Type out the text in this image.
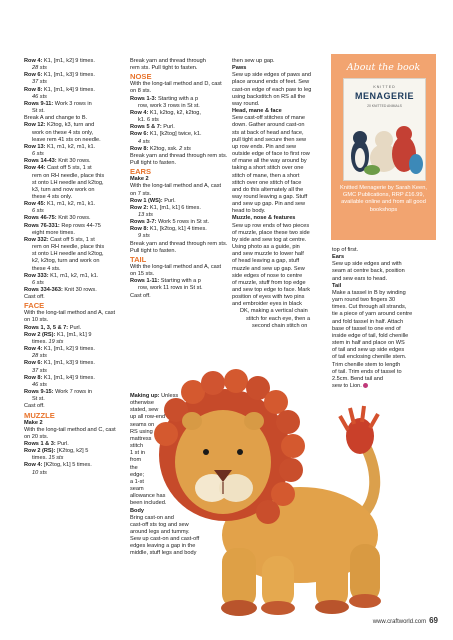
Row 4: K1, [m1, k2] 9 times.

28 sts

Row 6: K1, [m1, k3] 9 times.

37 sts

Row 8: K1, [m1, k4] 9 times.

46 sts

Rows 9-11: Work 3 rows in

St st.

Break A and change to B.

Row 12: K2tog, k3, turn and

work on these 4 sts only,

leave rem 41 sts on needle.

Row 13: K1, m1, k2, m1, k1.

6 sts

Rows 14-43: Knit 30 rows.

Row 44: Cast off 5 sts, 1 st

rem on RH needle, place this

st onto LH needle and k2tog,

k3, turn and now work on

these 4 sts only.

Row 45: K1, m1, k2, m1, k1.

6 sts

Rows 46-75: Knit 30 rows.

Rows 76-331: Rep rows 44-75

eight more times.

Row 332: Cast off 5 sts, 1 st

rem on RH needle, place this

st onto LH needle and k2tog,

k2, k2tog, turn and work on

these 4 sts.

Row 333: K1, m1, k2, m1, k1.

6 sts

Rows 334-363: Knit 30 rows.

Cast off.

FACE

With the long-tail method and A, cast on 10 sts.

Rows 1, 3, 5 & 7: Purl.

Row 2 (RS): K1, [m1, k1] 9

times. 19 sts

Row 4: K1, [m1, k2] 9 times.

28 sts

Row 6: K1, [m1, k3] 9 times.

37 sts

Row 8: K1, [m1, k4] 9 times.

46 sts

Rows 9-15: Work 7 rows in

St st.

Cast off.

MUZZLE

Make 2

With the long-tail method and C, cast on 20 sts.

Rows 1 & 3: Purl.

Row 2 (RS): [K2tog, k2] 5

times. 15 sts

Row 4: [K2tog, k1] 5 times.

10 sts

Break yarn and thread through

rem sts. Pull tight to fasten.

NOSE

With the long-tail method and D, cast on 8 sts.

Rows 1-3: Starting with a p

row, work 3 rows in St st.

Row 4: K1, k2tog, k2, k2tog,

k1. 6 sts

Rows 5 & 7: Purl.

Row 6: K1, [k2tog] twice, k1.

4 sts

Row 8: K2tog, ssk. 2 sts

Break yarn and thread through rem sts. Pull tight to fasten.

EARS

Make 2

With the long-tail method and A, cast on 7 sts.

Row 1 (WS): Purl.

Row 2: K1, [m1, k1] 6 times.

13 sts

Rows 3-7: Work 5 rows in St st.

Row 8: K1, [k2tog, k1] 4 times.

9 sts

Break yarn and thread through rem sts. Pull tight to fasten.

TAIL

With the long-tail method and A, cast on 15 sts.

Rows 1-11: Starting with a p

row, work 11 rows in St st.

Cast off.

Making up: Unless

otherwise

stated, sew

up all row-end

seams on

RS using

mattress

stitch

1 st in

from

the

edge;

a 1-st

seam

allowance has

been included.

Body

Bring cast-on and

cast-off sts tog and sew

around legs and tummy.

Sew up cast-on and cast-off

edges leaving a gap in the

middle, stuff legs and body

then sew up gap.

Paws

Sew up side edges of paws and

place around ends of feet. Sew

cast-on edge of each paw to leg

using backstitch on RS all the

way round.

Head, mane & face

Sew cast-off stitches of mane

down. Gather around cast-on

sts at back of head and face,

pull tight and secure then sew

up row ends. Pin and sew

outside edge of face to first row

of mane all the way around by

taking a short stitch over one

stitch of mane, then a short

stitch over one stitch of face

and do this alternately all the

way round leaving a gap. Stuff

and sew up gap. Pin and sew

head to body.

Muzzle, nose & features

Sew up row ends of two pieces

of muzzle, place these two side

by side and sew tog at centre.

Using photo as a guide, pin

and sew muzzle to lower half

of head leaving a gap, stuff

muzzle and sew up gap. Sew

side edges of nose to centre

of muzzle, stuff from top edge

and sew top edge to face. Mark

position of eyes with two pins

and embroider eyes in black

DK, making a vertical chain

stitch for each eye, then a

second chain stitch on

About the book
KNITTED
MENAGERIE
20 KNITTED ANIMALS
Knitted Menagerie by Sarah Keen, GMC Publications, RRP £16.99, available online and from all good bookshops

top of first.

Ears

Sew up side edges and with

seam at centre back, position

and sew ears to head.

Tail

Make a tassel in B by winding

yarn round two fingers 30

times. Cut through all strands,

tie a piece of yarn around centre

and fold tassel in half. Attach

base of tassel to one end of

inside edge of tail, fold chenille

stem in half and place on WS

of tail and sew up side edges

of tail enclosing chenille stem.

Trim chenille stem to length

of tail. Trim ends of tassel to

2.5cm. Bend tail and

sew to Lion.

www.craftworld.com 69
